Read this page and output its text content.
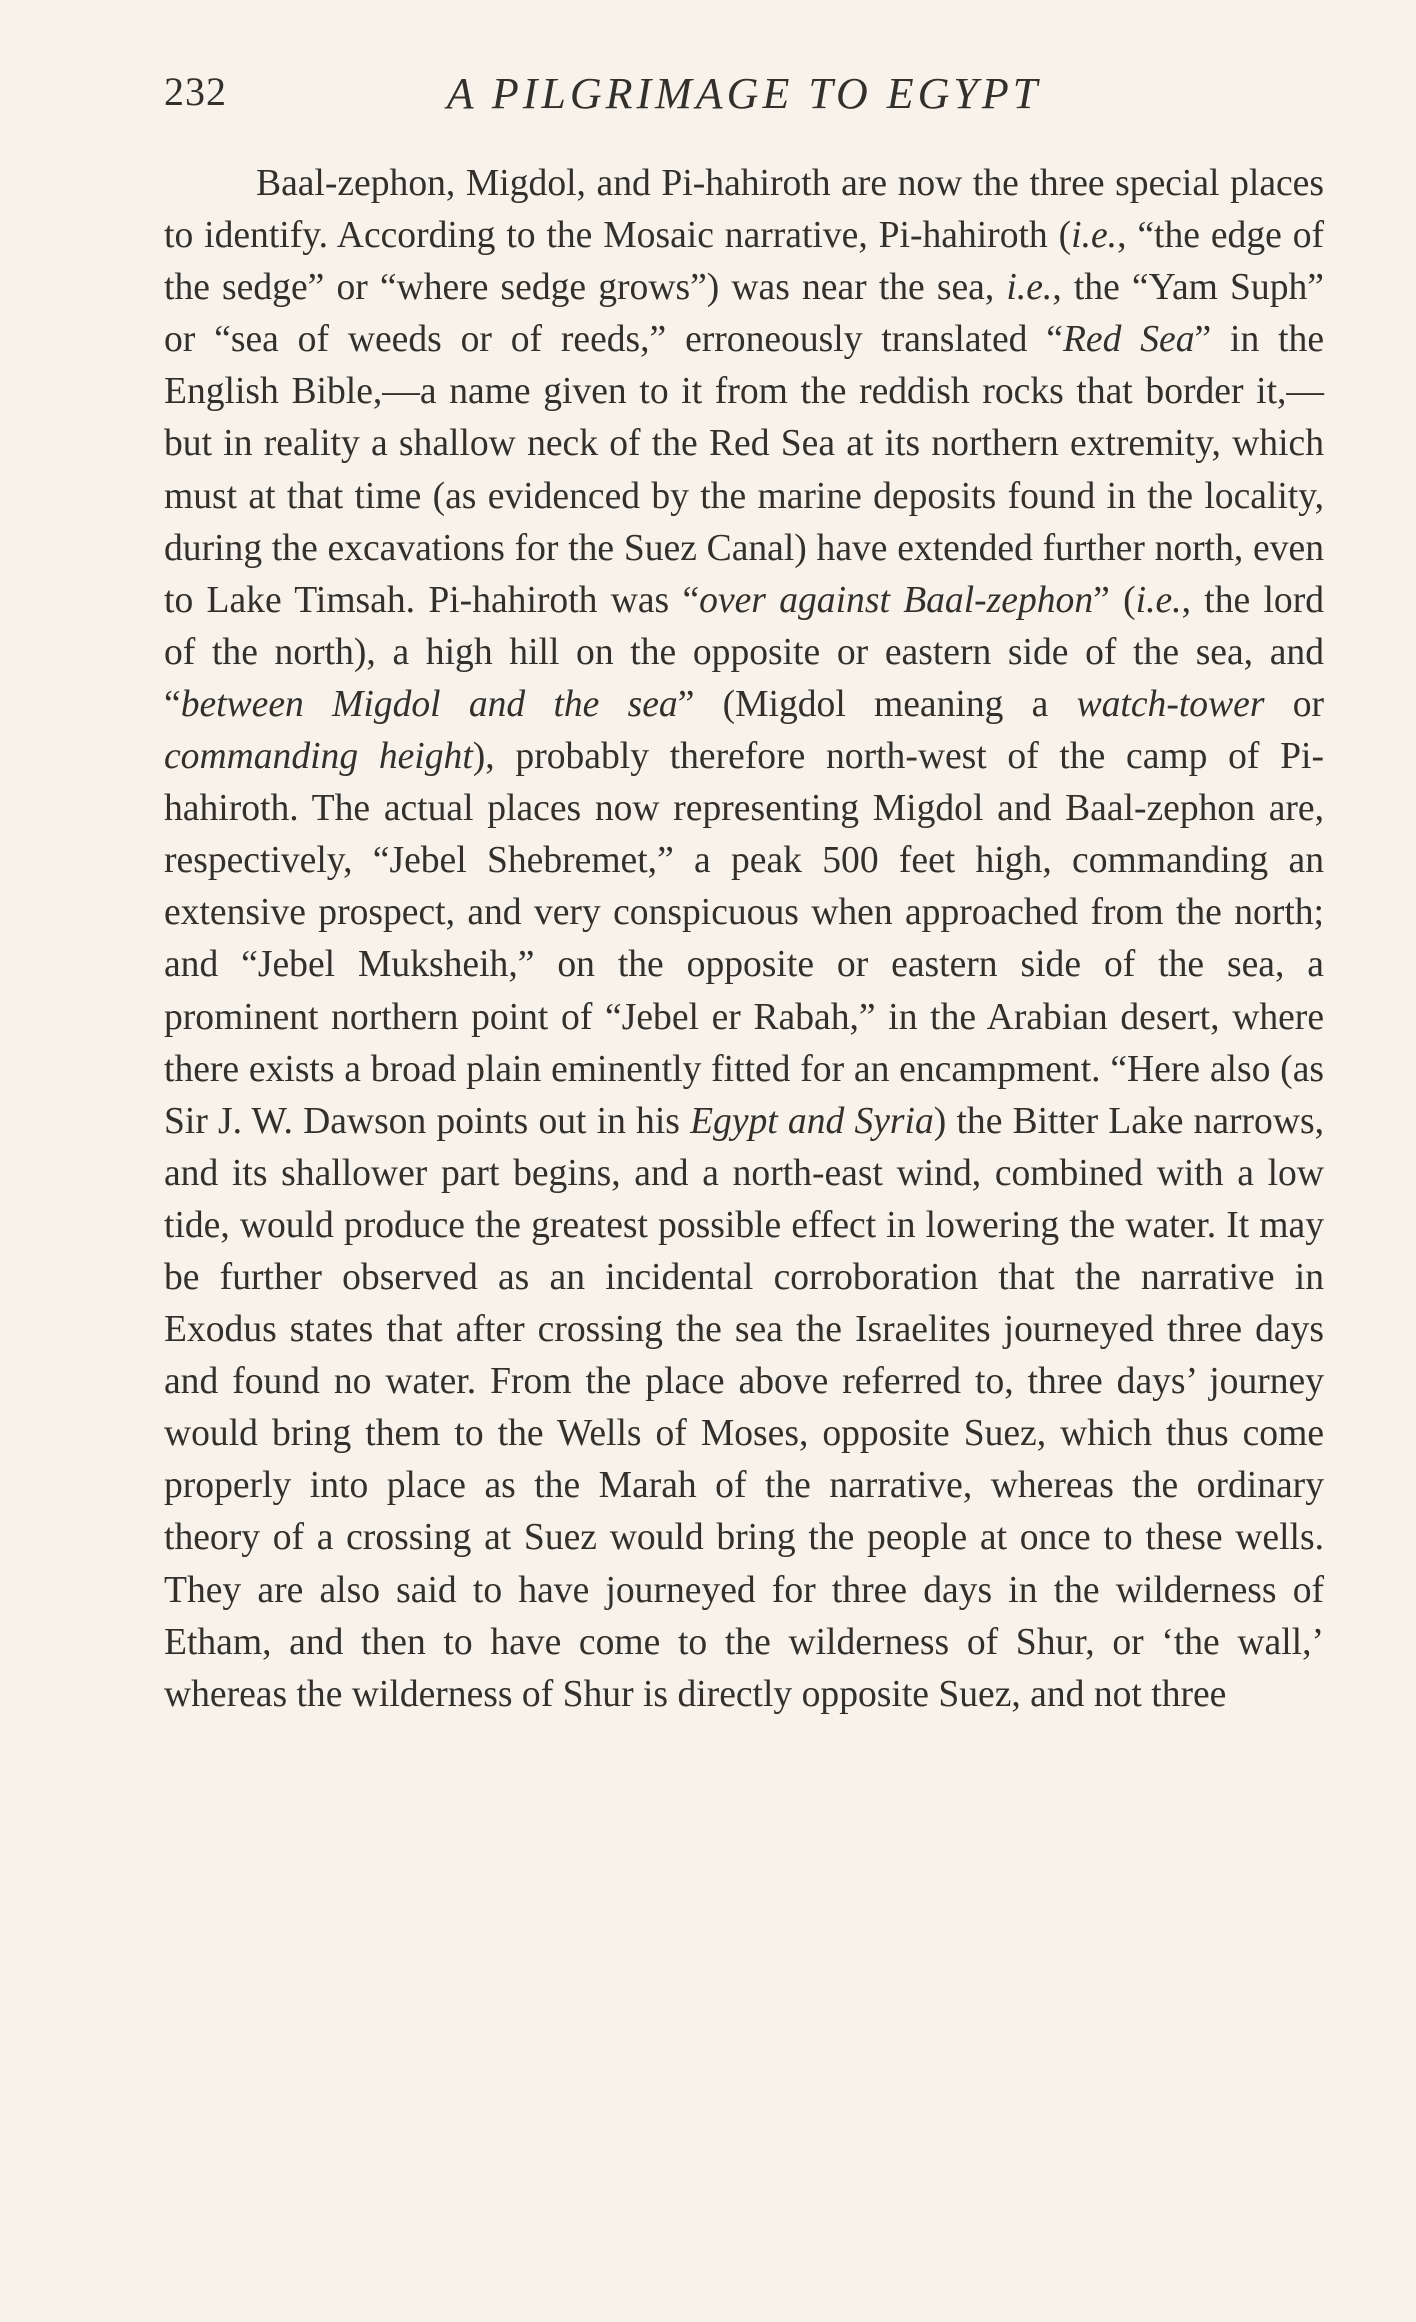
232	A PILGRIMAGE TO EGYPT

Baal-zephon, Migdol, and Pi-hahiroth are now the three special places to identify. According to the Mosaic narrative, Pi-hahiroth (i.e., “the edge of the sedge” or “where sedge grows”) was near the sea, i.e., the “Yam Suph” or “sea of weeds or of reeds,” erroneously translated “Red Sea” in the English Bible,—a name given to it from the reddish rocks that border it,—but in reality a shallow neck of the Red Sea at its northern extremity, which must at that time (as evidenced by the marine deposits found in the locality, during the excavations for the Suez Canal) have extended further north, even to Lake Timsah. Pi-hahiroth was “over against Baal-zephon” (i.e., the lord of the north), a high hill on the opposite or eastern side of the sea, and “between Migdol and the sea” (Migdol meaning a watch-tower or commanding height), probably therefore north-west of the camp of Pi-hahiroth. The actual places now representing Migdol and Baal-zephon are, respectively, “Jebel Shebremet,” a peak 500 feet high, commanding an extensive prospect, and very conspicuous when approached from the north; and “Jebel Muksheih,” on the opposite or eastern side of the sea, a prominent northern point of “Jebel er Rabah,” in the Arabian desert, where there exists a broad plain eminently fitted for an encampment. “Here also (as Sir J. W. Dawson points out in his Egypt and Syria) the Bitter Lake narrows, and its shallower part begins, and a north-east wind, combined with a low tide, would produce the greatest possible effect in lowering the water. It may be further observed as an incidental corroboration that the narrative in Exodus states that after crossing the sea the Israelites journeyed three days and found no water. From the place above referred to, three days’ journey would bring them to the Wells of Moses, opposite Suez, which thus come properly into place as the Marah of the narrative, whereas the ordinary theory of a crossing at Suez would bring the people at once to these wells. They are also said to have journeyed for three days in the wilderness of Etham, and then to have come to the wilderness of Shur, or ‘the wall,’ whereas the wilderness of Shur is directly opposite Suez, and not three
